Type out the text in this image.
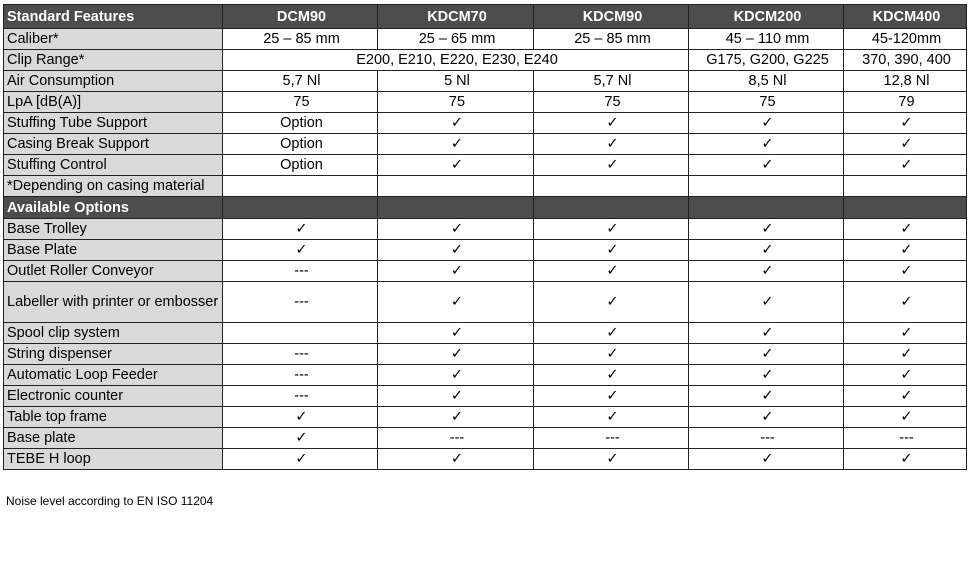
Standard Features	DCM90	KDCM70	KDCM90	KDCM200	KDCM400
Caliber*	25 – 85 mm	25 – 65 mm	25 – 85 mm	45 – 110 mm	45-120mm
Clip Range*	E200, E210, E220, E230, E240			G175, G200, G225	370, 390, 400
Air Consumption	5,7 Nl	5 Nl	5,7 Nl	8,5 Nl	12,8 Nl
LpA [dB(A)]	75	75	75	75	79
Stuffing Tube Support	Option	✓	✓	✓	✓
Casing Break Support	Option	✓	✓	✓	✓
Stuffing Control	Option	✓	✓	✓	✓
*Depending on casing material					
Available Options					
Base Trolley	✓	✓	✓	✓	✓
Base Plate	✓	✓	✓	✓	✓
Outlet Roller Conveyor	---	✓	✓	✓	✓
Labeller with printer or embosser	---	✓	✓	✓	✓
Spool clip system		✓	✓	✓	✓
String dispenser	---	✓	✓	✓	✓
Automatic Loop Feeder	---	✓	✓	✓	✓
Electronic counter	---	✓	✓	✓	✓
Table top frame	✓	✓	✓	✓	✓
Base plate	✓	---	---	---	---
TEBE H loop	✓	✓	✓	✓	✓
Noise level according to EN ISO 11204
